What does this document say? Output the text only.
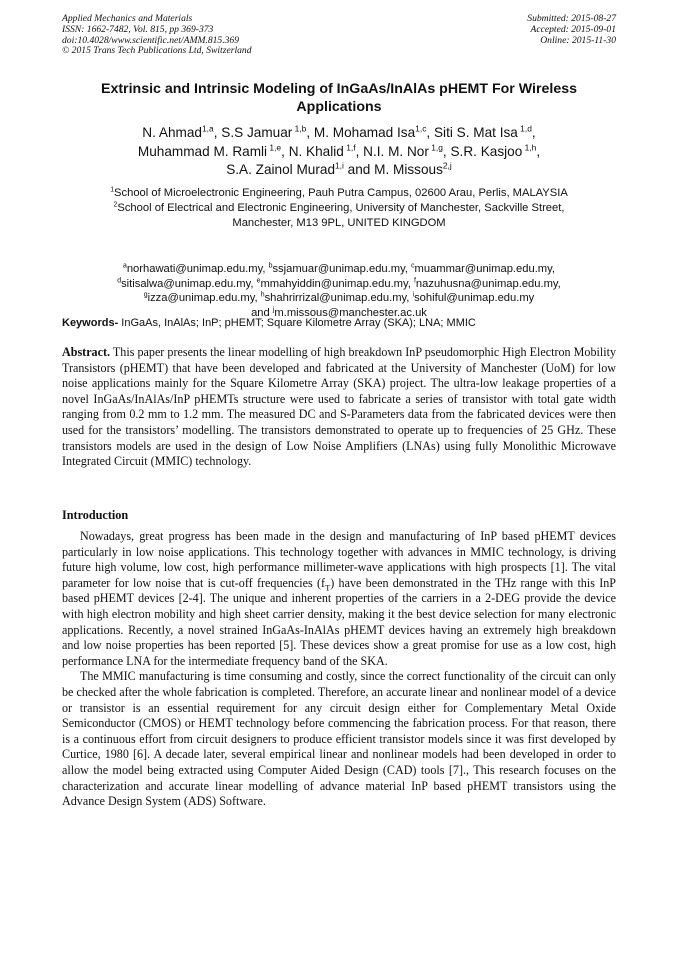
Applied Mechanics and Materials
ISSN: 1662-7482, Vol. 815, pp 369-373
doi:10.4028/www.scientific.net/AMM.815.369
© 2015 Trans Tech Publications Ltd, Switzerland
Submitted: 2015-08-27
Accepted: 2015-09-01
Online: 2015-11-30
Extrinsic and Intrinsic Modeling of InGaAs/InAlAs pHEMT For Wireless
Applications
N. Ahmad$^{1,a}$, S.S Jamuar $^{1,b}$, M. Mohamad Isa$^{1,c}$, Siti S. Mat Isa $^{1,d}$,
Muhammad M. Ramli $^{1,e}$, N. Khalid $^{1,f}$, N.I. M. Nor $^{1,g}$, S.R. Kasjoo $^{1,h}$,
S.A. Zainol Murad$^{1,i}$ and M. Missous$^{2,j}$
$^1$School of Microelectronic Engineering, Pauh Putra Campus, 02600 Arau, Perlis, MALAYSIA
$^2$School of Electrical and Electronic Engineering, University of Manchester, Sackville Street,
Manchester, M13 9PL, UNITED KINGDOM
$^a$norhawati@unimap.edu.my, $^b$ssjamuar@unimap.edu.my, $^c$muammar@unimap.edu.my,
$^d$sitisalwa@unimap.edu.my, $^e$mmahyiddin@unimap.edu.my, $^f$nazuhusna@unimap.edu.my,
$^g$izza@unimap.edu.my, $^h$shahrirrizal@unimap.edu.my, $^i$sohiful@unimap.edu.my
and $^j$m.missous@manchester.ac.uk
Keywords- InGaAs, InAlAs; InP; pHEMT; Square Kilometre Array (SKA); LNA; MMIC
Abstract. This paper presents the linear modelling of high breakdown InP pseudomorphic High Electron Mobility Transistors (pHEMT) that have been developed and fabricated at the University of Manchester (UoM) for low noise applications mainly for the Square Kilometre Array (SKA) project. The ultra-low leakage properties of a novel InGaAs/InAlAs/InP pHEMTs structure were used to fabricate a series of transistor with total gate width ranging from 0.2 mm to 1.2 mm. The measured DC and S-Parameters data from the fabricated devices were then used for the transistors’ modelling. The transistors demonstrated to operate up to frequencies of 25 GHz. These transistors models are used in the design of Low Noise Amplifiers (LNAs) using fully Monolithic Microwave Integrated Circuit (MMIC) technology.
Introduction

Nowadays, great progress has been made in the design and manufacturing of InP based pHEMT devices particularly in low noise applications. This technology together with advances in MMIC technology, is driving future high volume, low cost, high performance millimeter-wave applications with high prospects [1]. The vital parameter for low noise that is cut-off frequencies $(f_T)$ have been demonstrated in the THz range with this InP based pHEMT devices [2-4]. The unique and inherent properties of the carriers in a 2-DEG provide the device with high electron mobility and high sheet carrier density, making it the best device selection for many electronic applications. Recently, a novel strained InGaAs-InAlAs pHEMT devices having an extremely high breakdown and low noise properties has been reported [5]. These devices show a great promise for use as a low cost, high performance LNA for the intermediate frequency band of the SKA.

The MMIC manufacturing is time consuming and costly, since the correct functionality of the circuit can only be checked after the whole fabrication is completed. Therefore, an accurate linear and nonlinear model of a device or transistor is an essential requirement for any circuit design either for Complementary Metal Oxide Semiconductor (CMOS) or HEMT technology before commencing the fabrication process. For that reason, there is a continuous effort from circuit designers to produce efficient transistor models since it was first developed by Curtice, 1980 [6]. A decade later, several empirical linear and nonlinear models had been developed in order to allow the model being extracted using Computer Aided Design (CAD) tools [7]., This research focuses on the characterization and accurate linear modelling of advance material InP based pHEMT transistors using the Advance Design System (ADS) Software.
